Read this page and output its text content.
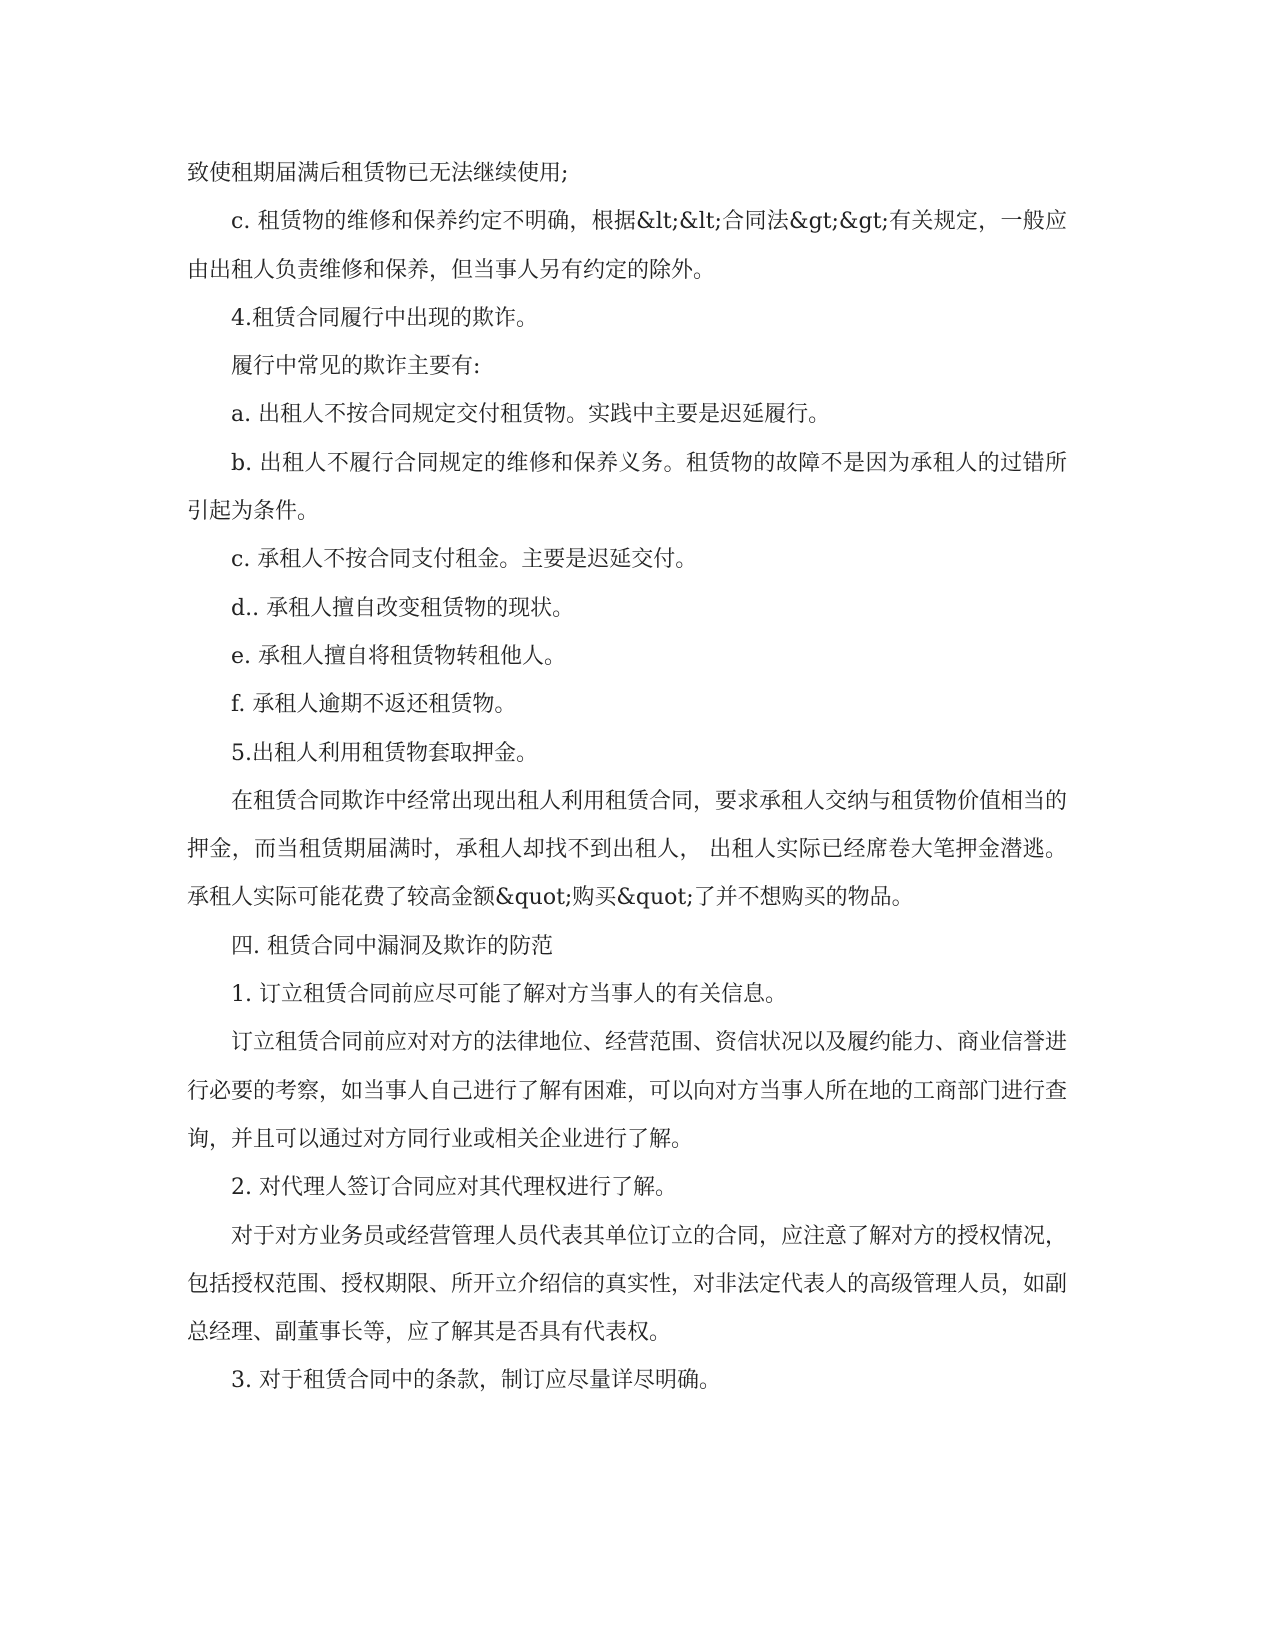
致使租期届满后租赁物已无法继续使用;

c. 租赁物的维修和保养约定不明确，根据&lt;&lt;合同法&gt;&gt;有关规定，一般应由出租人负责维修和保养，但当事人另有约定的除外。

4.租赁合同履行中出现的欺诈。

履行中常见的欺诈主要有:

a. 出租人不按合同规定交付租赁物。实践中主要是迟延履行。

b. 出租人不履行合同规定的维修和保养义务。租赁物的故障不是因为承租人的过错所引起为条件。

c. 承租人不按合同支付租金。主要是迟延交付。

d.. 承租人擅自改变租赁物的现状。

e. 承租人擅自将租赁物转租他人。

f. 承租人逾期不返还租赁物。

5.出租人利用租赁物套取押金。

在租赁合同欺诈中经常出现出租人利用租赁合同，要求承租人交纳与租赁物价值相当的押金，而当租赁期届满时，承租人却找不到出租人， 出租人实际已经席卷大笔押金潜逃。承租人实际可能花费了较高金额&quot;购买&quot;了并不想购买的物品。

四. 租赁合同中漏洞及欺诈的防范

1. 订立租赁合同前应尽可能了解对方当事人的有关信息。

订立租赁合同前应对对方的法律地位、经营范围、资信状况以及履约能力、商业信誉进行必要的考察，如当事人自己进行了解有困难，可以向对方当事人所在地的工商部门进行查询，并且可以通过对方同行业或相关企业进行了解。

2. 对代理人签订合同应对其代理权进行了解。

对于对方业务员或经营管理人员代表其单位订立的合同，应注意了解对方的授权情况，包括授权范围、授权期限、所开立介绍信的真实性，对非法定代表人的高级管理人员，如副总经理、副董事长等，应了解其是否具有代表权。

3. 对于租赁合同中的条款，制订应尽量详尽明确。
